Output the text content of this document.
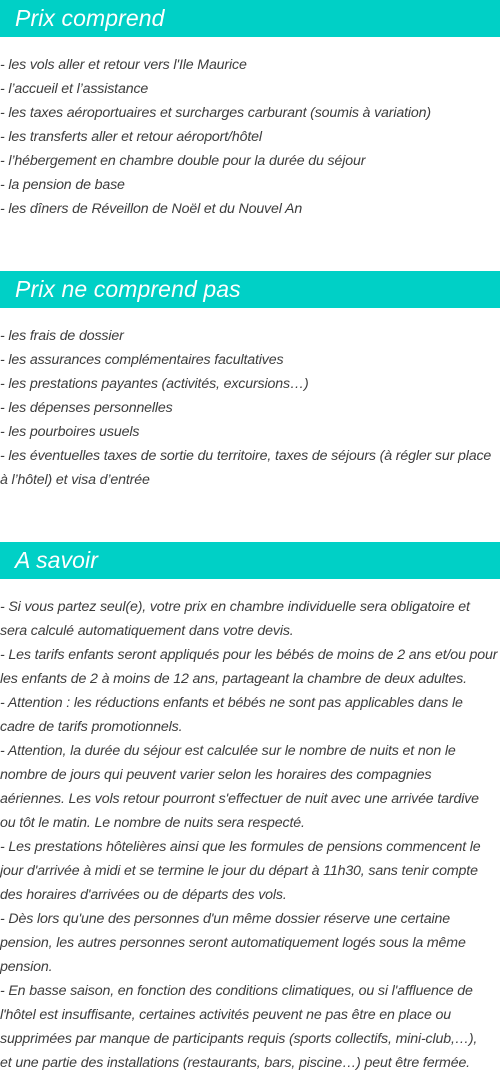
Prix comprend
- les vols aller et retour vers l'Ile Maurice
- l’accueil et l’assistance
- les taxes aéroportuaires et surcharges carburant (soumis à variation)
- les transferts aller et retour aéroport/hôtel
- l’hébergement en chambre double pour la durée du séjour
- la pension de base
- les dîners de Réveillon de Noël et du Nouvel An
Prix ne comprend pas
- les frais de dossier
- les assurances complémentaires facultatives
- les prestations payantes (activités, excursions…)
- les dépenses personnelles
- les pourboires usuels
- les éventuelles taxes de sortie du territoire, taxes de séjours (à régler sur place
à l’hôtel) et visa d’entrée
A savoir
- Si vous partez seul(e), votre prix en chambre individuelle sera obligatoire et
sera calculé automatiquement dans votre devis.
- Les tarifs enfants seront appliqués pour les bébés de moins de 2 ans et/ou pour
les enfants de 2 à moins de 12 ans, partageant la chambre de deux adultes.
- Attention : les réductions enfants et bébés ne sont pas applicables dans le
cadre de tarifs promotionnels.
- Attention, la durée du séjour est calculée sur le nombre de nuits et non le
nombre de jours qui peuvent varier selon les horaires des compagnies
aériennes. Les vols retour pourront s'effectuer de nuit avec une arrivée tardive
ou tôt le matin. Le nombre de nuits sera respecté.
- Les prestations hôtelières ainsi que les formules de pensions commencent le
jour d'arrivée à midi et se termine le jour du départ à 11h30, sans tenir compte
des horaires d'arrivées ou de départs des vols.
- Dès lors qu'une des personnes d'un même dossier réserve une certaine
pension, les autres personnes seront automatiquement logés sous la même
pension.
- En basse saison, en fonction des conditions climatiques, ou si l'affluence de
l'hôtel est insuffisante, certaines activités peuvent ne pas être en place ou
supprimées par manque de participants requis (sports collectifs, mini-club,…),
et une partie des installations (restaurants, bars, piscine…) peut être fermée.
